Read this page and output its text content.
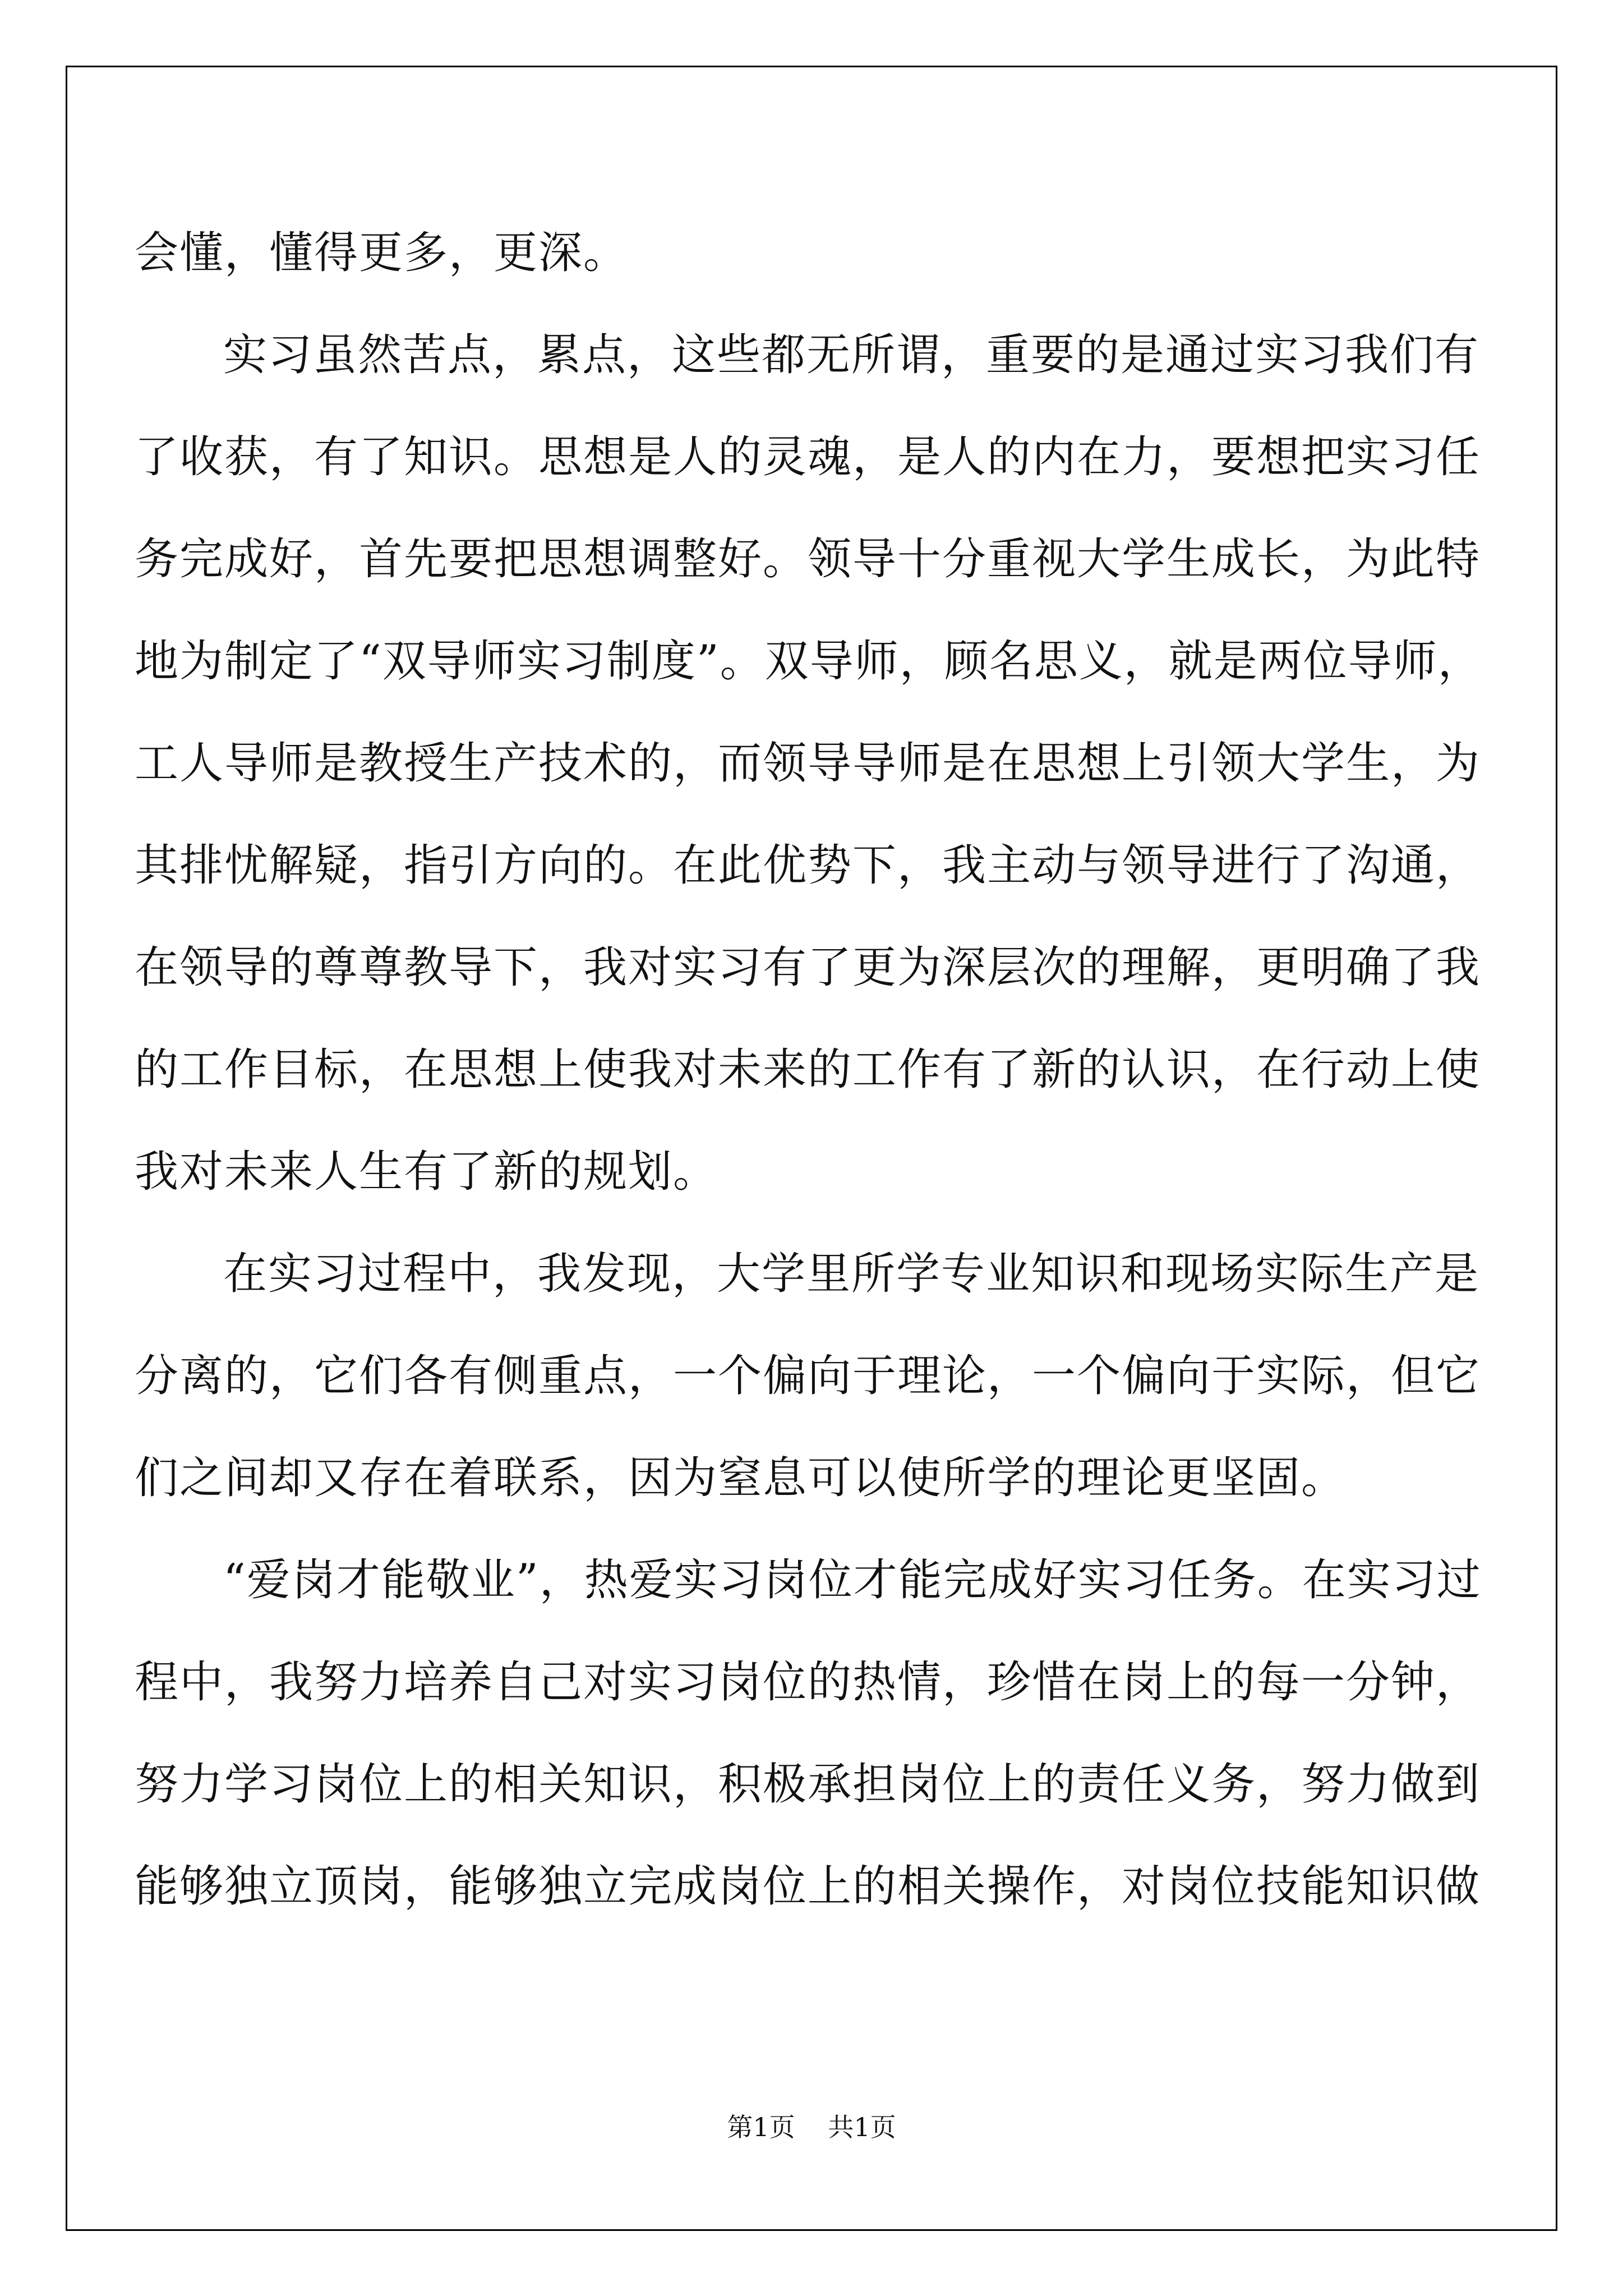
会懂，懂得更多，更深。
实习虽然苦点，累点，这些都无所谓，重要的是通过实习我们有
了收获，有了知识。思想是人的灵魂，是人的内在力，要想把实习任
务完成好，首先要把思想调整好。领导十分重视大学生成长，为此特
地为制定了“双导师实习制度”。双导师，顾名思义，就是两位导师，
工人导师是教授生产技术的，而领导导师是在思想上引领大学生，为
其排忧解疑，指引方向的。在此优势下，我主动与领导进行了沟通，
在领导的尊尊教导下，我对实习有了更为深层次的理解，更明确了我
的工作目标，在思想上使我对未来的工作有了新的认识，在行动上使
我对未来人生有了新的规划。
在实习过程中，我发现，大学里所学专业知识和现场实际生产是
分离的，它们各有侧重点，一个偏向于理论，一个偏向于实际，但它
们之间却又存在着联系，因为窒息可以使所学的理论更坚固。
“爱岗才能敬业”，热爱实习岗位才能完成好实习任务。在实习过
程中，我努力培养自己对实习岗位的热情，珍惜在岗上的每一分钟，
努力学习岗位上的相关知识，积极承担岗位上的责任义务，努力做到
能够独立顶岗，能够独立完成岗位上的相关操作，对岗位技能知识做
第1页 共1页
